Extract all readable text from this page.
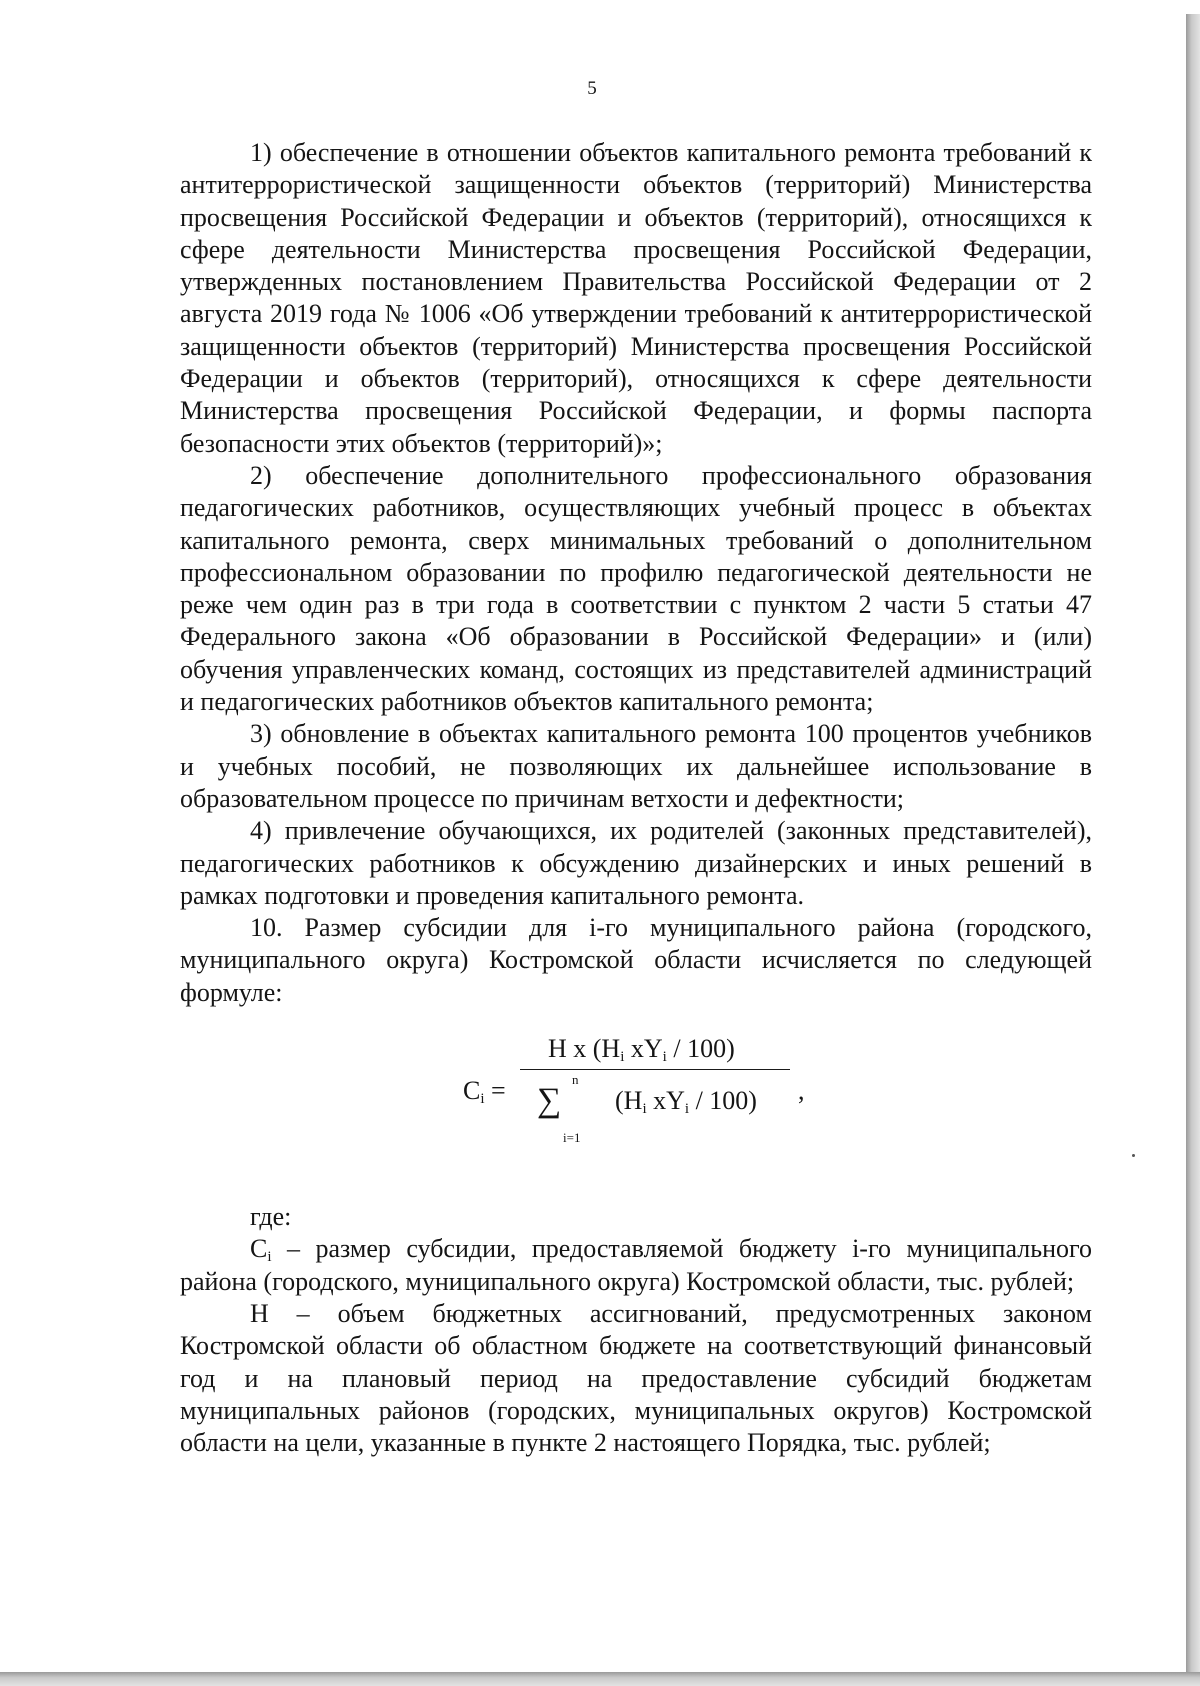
5

1) обеспечение в отношении объектов капитального ремонта требований к антитеррористической защищенности объектов (территорий) Министерства просвещения Российской Федерации и объектов (территорий), относящихся к сфере деятельности Министерства просвещения Российской Федерации, утвержденных постановлением Правительства Российской Федерации от 2 августа 2019 года № 1006 «Об утверждении требований к антитеррористической защищенности объектов (территорий) Министерства просвещения Российской Федерации и объектов (территорий), относящихся к сфере деятельности Министерства просвещения Российской Федерации, и формы паспорта безопасности этих объектов (территорий)»;

2) обеспечение дополнительного профессионального образования педагогических работников, осуществляющих учебный процесс в объектах капитального ремонта, сверх минимальных требований о дополнительном профессиональном образовании по профилю педагогической деятельности не реже чем один раз в три года в соответствии с пунктом 2 части 5 статьи 47 Федерального закона «Об образовании в Российской Федерации» и (или) обучения управленческих команд, состоящих из представителей администраций и педагогических работников объектов капитального ремонта;

3) обновление в объектах капитального ремонта 100 процентов учебников и учебных пособий, не позволяющих их дальнейшее использование в образовательном процессе по причинам ветхости и дефектности;

4) привлечение обучающихся, их родителей (законных представителей), педагогических работников к обсуждению дизайнерских и иных решений в рамках подготовки и проведения капитального ремонта.

10. Размер субсидии для i-го муниципального района (городского, муниципального округа) Костромской области исчисляется по следующей формуле:

$C_i$ =
H x ($H_i$ $xY_i / 100$)
n
∑ ($H_i$ $xY_i / 100$)
i=1
,

где:

$C_i$ – размер субсидии, предоставляемой бюджету i-го муниципального района (городского, муниципального округа) Костромской области, тыс. рублей;

Н – объем бюджетных ассигнований, предусмотренных законом Костромской области об областном бюджете на соответствующий финансовый год и на плановый период на предоставление субсидий бюджетам муниципальных районов (городских, муниципальных округов) Костромской области на цели, указанные в пункте 2 настоящего Порядка, тыс. рублей;
